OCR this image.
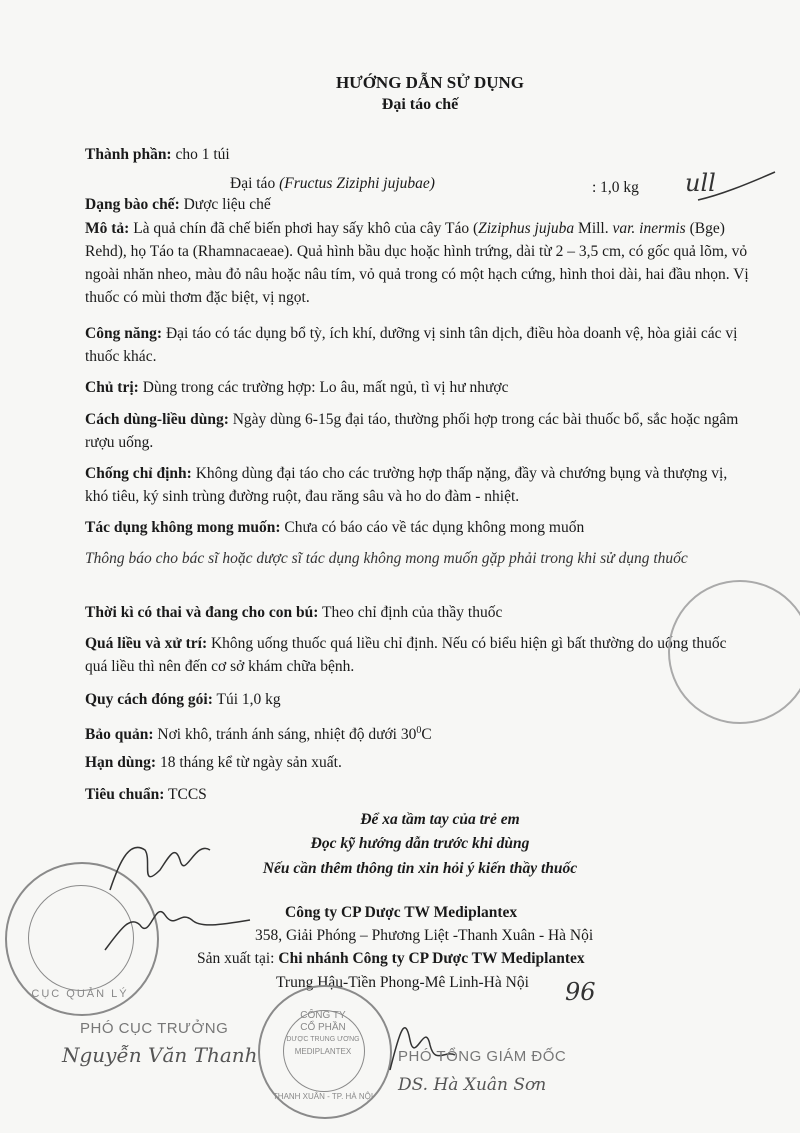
HƯỚNG DẪN SỬ DỤNG
Đại táo chế
Thành phần: cho 1 túi
Đại táo (Fructus Ziziphi jujubae)	: 1,0 kg	ull
Dạng bào chế: Dược liệu chế
Mô tả: Là quả chín đã chế biến phơi hay sấy khô của cây Táo (Ziziphus jujuba Mill. var. inermis (Bge) Rehd), họ Táo ta (Rhamnacaeae). Quả hình bầu dục hoặc hình trứng, dài từ 2 – 3,5 cm, có gốc quả lõm, vỏ ngoài nhăn nheo, màu đỏ nâu hoặc nâu tím, vỏ quả trong có một hạch cứng, hình thoi dài, hai đầu nhọn. Vị thuốc có mùi thơm đặc biệt, vị ngọt.
Công năng: Đại táo có tác dụng bổ tỳ, ích khí, dưỡng vị sinh tân dịch, điều hòa doanh vệ, hòa giải các vị thuốc khác.
Chủ trị: Dùng trong các trường hợp: Lo âu, mất ngủ, tì vị hư nhược
Cách dùng-liều dùng: Ngày dùng 6-15g đại táo, thường phối hợp trong các bài thuốc bổ, sắc hoặc ngâm rượu uống.
Chống chỉ định: Không dùng đại táo cho các trường hợp thấp nặng, đầy và chướng bụng và thượng vị, khó tiêu, ký sinh trùng đường ruột, đau răng sâu và ho do đàm - nhiệt.
Tác dụng không mong muốn: Chưa có báo cáo về tác dụng không mong muốn
Thông báo cho bác sĩ hoặc dược sĩ tác dụng không mong muốn gặp phải trong khi sử dụng thuốc
Thời kì có thai và đang cho con bú: Theo chỉ định của thầy thuốc
Quá liều và xử trí: Không uống thuốc quá liều chỉ định. Nếu có biểu hiện gì bất thường do uống thuốc quá liều thì nên đến cơ sở khám chữa bệnh.
Quy cách đóng gói: Túi 1,0 kg
Bảo quản: Nơi khô, tránh ánh sáng, nhiệt độ dưới $30^0C$
Hạn dùng: 18 tháng kể từ ngày sản xuất.
Tiêu chuẩn: TCCS
Để xa tầm tay của trẻ em
Đọc kỹ hướng dẫn trước khi dùng
Nếu cần thêm thông tin xin hỏi ý kiến thầy thuốc
Công ty CP Dược TW Mediplantex
358, Giải Phóng – Phương Liệt -Thanh Xuân - Hà Nội
Sản xuất tại: Chi nhánh Công ty CP Dược TW Mediplantex
Trung Hậu-Tiền Phong-Mê Linh-Hà Nội 96
CỤC QUẢN LÝ
PHÓ CỤC TRƯỞNG
Nguyễn Văn Thanh
CÔNG TY
CỔ PHẦN
DƯỢC TRUNG ƯƠNG
MEDIPLANTEX
THANH XUÂN - TP. HÀ NỘI
PHÓ TỔNG GIÁM ĐỐC
DS. Hà Xuân Sơn
